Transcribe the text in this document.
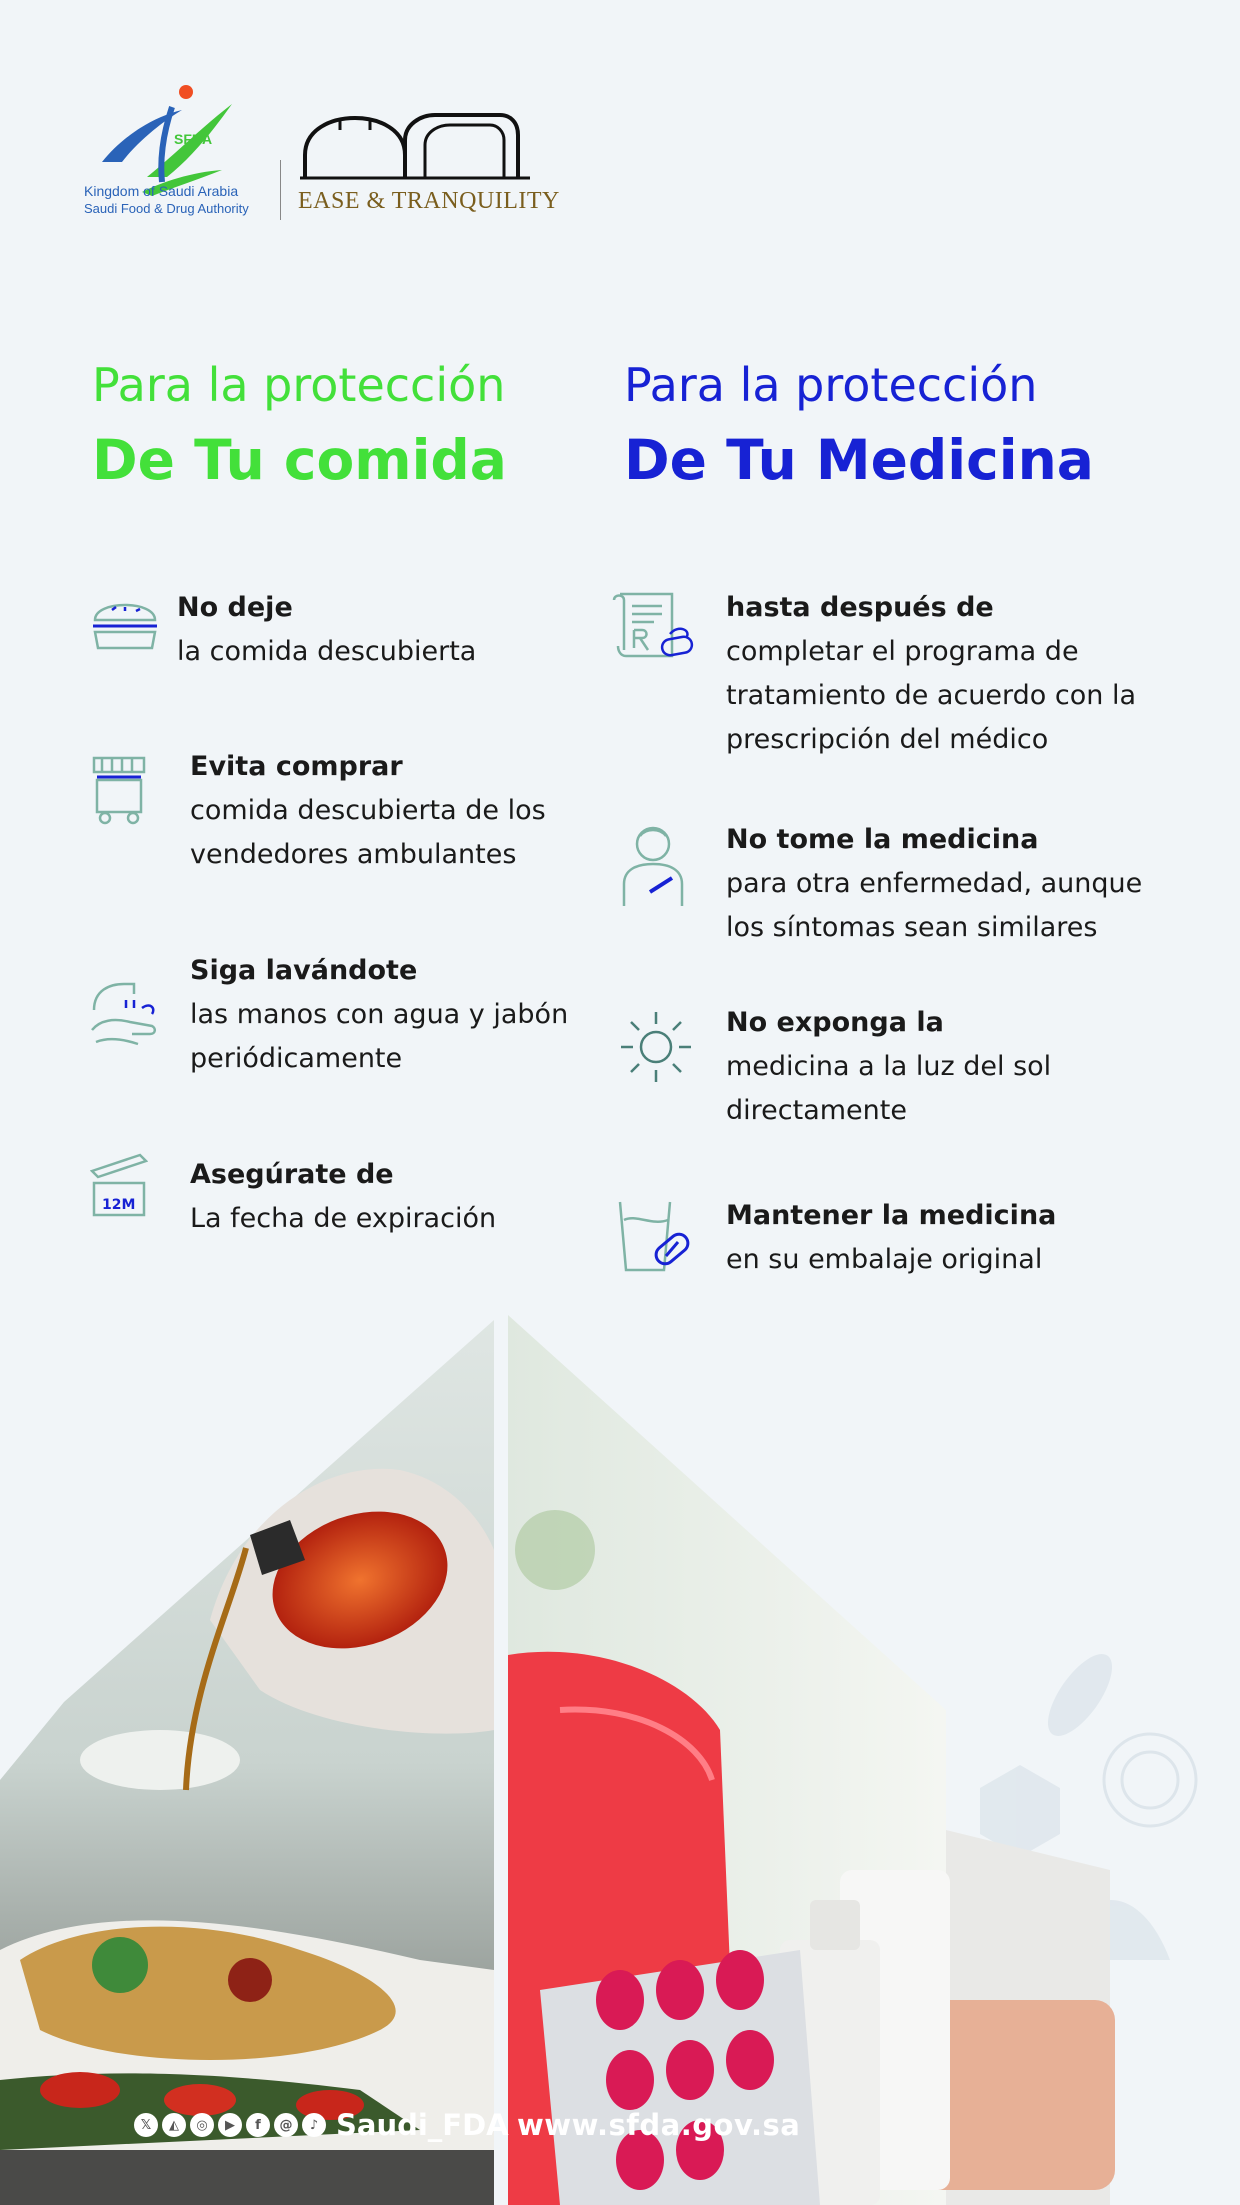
SFDA
Kingdom of Saudi Arabia
Saudi Food & Drug Authority EASE & TRANQUILITY
Para la protección
De Tu comida
Para la protección
De Tu Medicina
No deje
la comida descubierta
Evita comprar
comida descubierta de los
vendedores ambulantes
Siga lavándote
las manos con agua y jabón
periódicamente
12M
Asegúrate de
La fecha de expiración
hasta después de
completar el programa de
tratamiento de acuerdo con la
prescripción del médico
No tome la medicina
para otra enfermedad, aunque
los síntomas sean similares
No exponga la
medicina a la luz del sol
directamente
Mantener la medicina
en su embalaje original
𝕏	◭	◎	▶	f	@	♪ Saudi_FDA www.sfda.gov.sa
